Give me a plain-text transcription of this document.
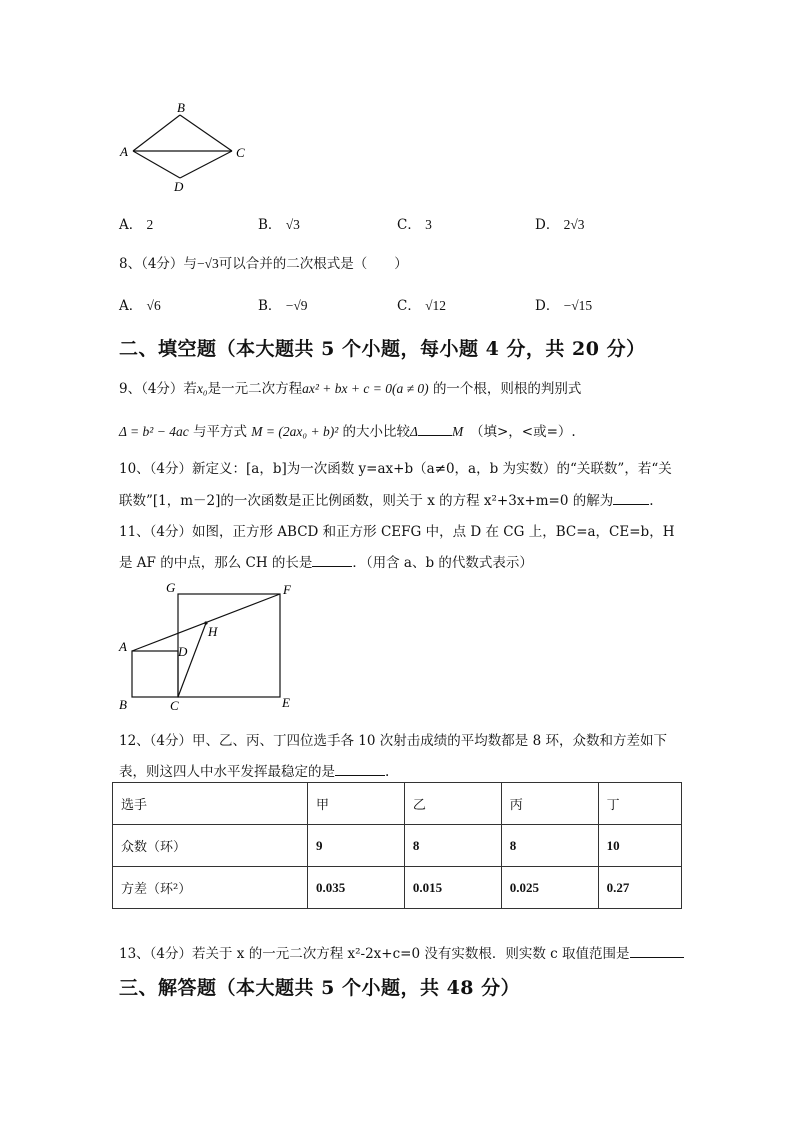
B
A	C
D
A． 2	B． √3	C． 3	D． 2√3
8、（4分）与−√3可以合并的二次根式是（　　）
A． √6	B． −√9	C． √12	D． −√15
二、填空题（本大题共 5 个小题，每小题 4 分，共 20 分）
9、（4分）若x₀是一元二次方程ax² + bx + c = 0(a ≠ 0) 的一个根，则根的判别式
Δ = b² − 4ac 与平方式 M = (2ax₀ + b)² 的大小比较Δ	M　 （填>，<或=）.
10、（4分）新定义：[a，b]为一次函数 y=ax+b（a≠0，a，b 为实数）的“关联数”，若“关
联数”[1，m－2]的一次函数是正比例函数，则关于 x 的方程 x²+3x+m=0 的解为	.
11、（4分）如图，正方形 ABCD 和正方形 CEFG 中，点 D 在 CG 上，BC=a，CE=b，H
是 AF 的中点，那么 CH 的长是	．（用含 a、b 的代数式表示）
G	F
H
A	D
B	C	E
12、（4分）甲、乙、丙、丁四位选手各 10 次射击成绩的平均数都是 8 环，众数和方差如下
表，则这四人中水平发挥最稳定的是	.
选手	甲	乙	丙	丁
众数（环）	9	8	8	10
方差（环²）	0.035	0.015	0.025	0.27
13、（4分）若关于 x 的一元二次方程 x²-2x+c=0 没有实数根．则实数 c 取值范围是
三、解答题（本大题共 5 个小题，共 48 分）
